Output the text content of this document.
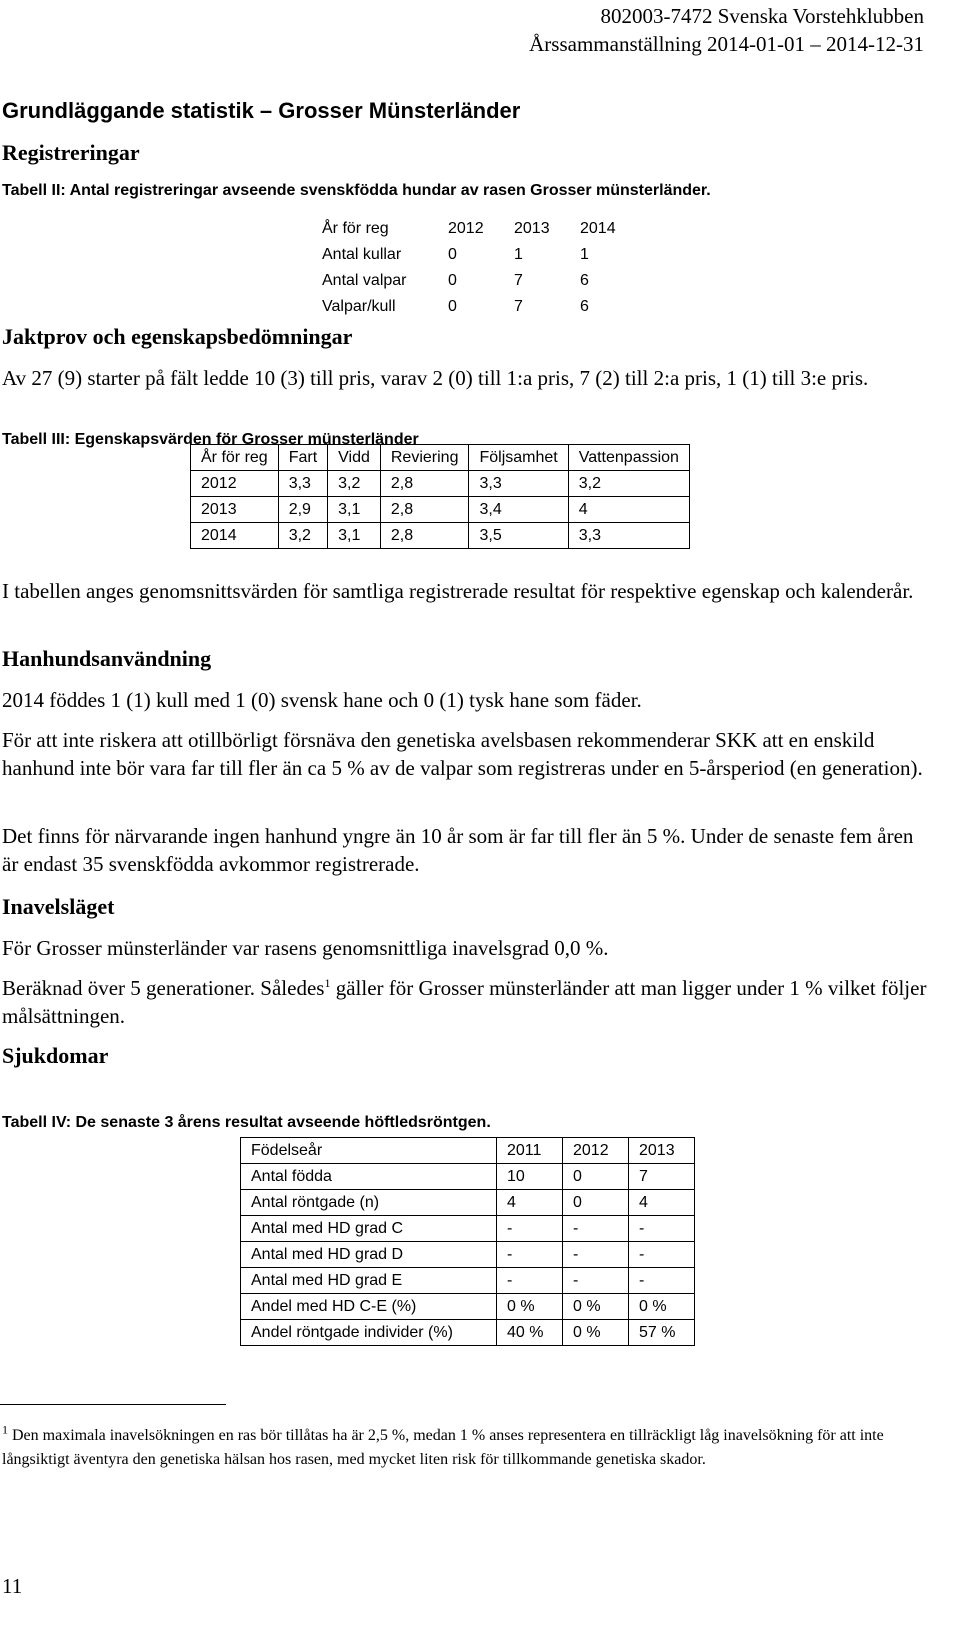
802003-7472 Svenska Vorstehklubben
Årssammanställning 2014-01-01 – 2014-12-31
Grundläggande statistik – Grosser Münsterländer
Registreringar
Tabell II: Antal registreringar avseende svenskfödda hundar av rasen Grosser münsterländer.
År för reg	2012	2013	2014
Antal kullar	0	1	1
Antal valpar	0	7	6
Valpar/kull	0	7	6
Jaktprov och egenskapsbedömningar
Av 27 (9) starter på fält ledde 10 (3) till pris, varav 2 (0) till 1:a pris, 7 (2) till 2:a pris, 1 (1) till 3:e pris.
Tabell III: Egenskapsvärden för Grosser münsterländer
År för reg	Fart	Vidd	Reviering	Följsamhet	Vattenpassion
2012	3,3	3,2	2,8	3,3	3,2
2013	2,9	3,1	2,8	3,4	4
2014	3,2	3,1	2,8	3,5	3,3
I tabellen anges genomsnittsvärden för samtliga registrerade resultat för respektive egenskap och kalenderår.
Hanhundsanvändning
2014 föddes 1 (1) kull med 1 (0) svensk hane och 0 (1) tysk hane som fäder.
För att inte riskera att otillbörligt försnäva den genetiska avelsbasen rekommenderar SKK att en enskild hanhund inte bör vara far till fler än ca 5 % av de valpar som registreras under en 5-årsperiod (en generation).
Det finns för närvarande ingen hanhund yngre än 10 år som är far till fler än 5 %. Under de senaste fem åren är endast 35 svenskfödda avkommor registrerade.
Inavelsläget
För Grosser münsterländer var rasens genomsnittliga inavelsgrad 0,0 %.
Beräknad över 5 generationer. Således$^1$ gäller för Grosser münsterländer att man ligger under 1 % vilket följer målsättningen.
Sjukdomar
Tabell IV: De senaste 3 årens resultat avseende höftledsröntgen.
Födelseår	2011	2012	2013
Antal födda	10	0	7
Antal röntgade (n)	4	0	4
Antal med HD grad C	-	-	-
Antal med HD grad D	-	-	-
Antal med HD grad E	-	-	-
Andel med HD C-E (%)	0 %	0 %	0 %
Andel röntgade individer (%)	40 %	0 %	57 %
$^1$ Den maximala inavelsökningen en ras bör tillåtas ha är 2,5 %, medan 1 % anses representera en tillräckligt låg inavelsökning för att inte långsiktigt äventyra den genetiska hälsan hos rasen, med mycket liten risk för tillkommande genetiska skador.
11
